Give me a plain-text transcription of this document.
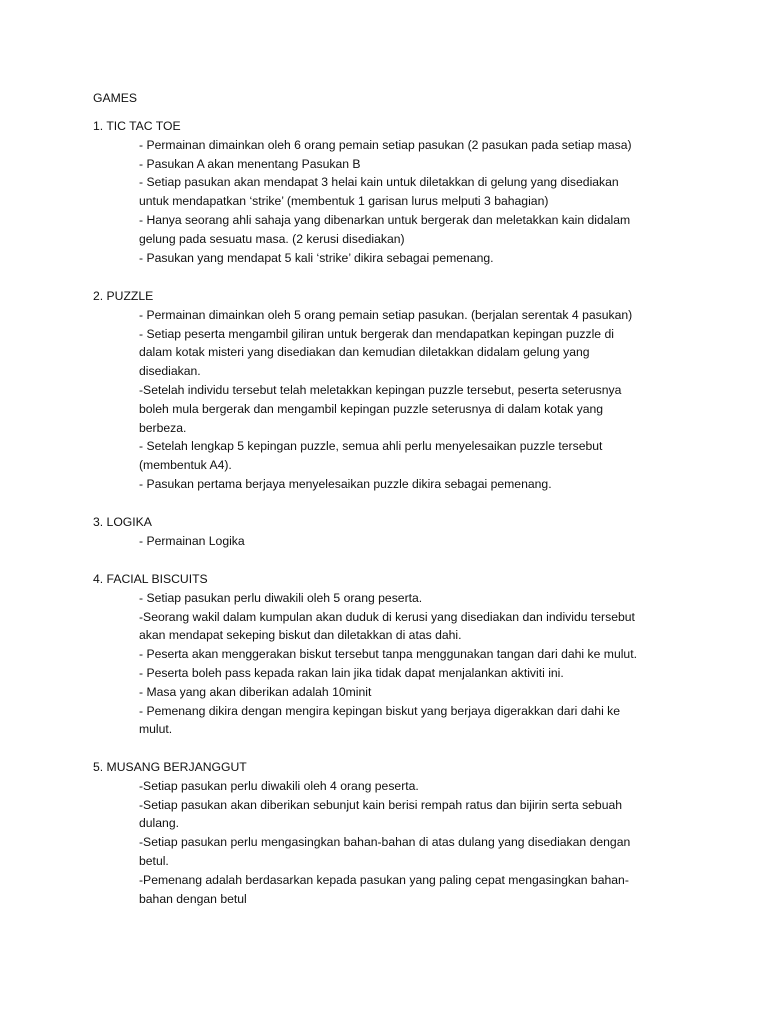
GAMES
1. TIC TAC TOE
- Permainan dimainkan oleh 6 orang pemain setiap pasukan (2 pasukan pada setiap masa)
- Pasukan A akan menentang Pasukan B
- Setiap pasukan akan mendapat 3 helai kain untuk diletakkan di gelung yang disediakan
untuk mendapatkan ‘strike’ (membentuk 1 garisan lurus melputi 3 bahagian)
- Hanya seorang ahli sahaja yang dibenarkan untuk bergerak dan meletakkan kain didalam
gelung pada sesuatu masa. (2 kerusi disediakan)
- Pasukan yang mendapat 5 kali ‘strike’ dikira sebagai pemenang.
2. PUZZLE
- Permainan dimainkan oleh 5 orang pemain setiap pasukan. (berjalan serentak 4 pasukan)
- Setiap peserta mengambil giliran untuk bergerak dan mendapatkan kepingan puzzle di
dalam kotak misteri yang disediakan dan kemudian diletakkan didalam gelung yang
disediakan.
-Setelah individu tersebut telah meletakkan kepingan puzzle tersebut, peserta seterusnya
boleh mula bergerak dan mengambil kepingan puzzle seterusnya di dalam kotak yang
berbeza.
- Setelah lengkap 5 kepingan puzzle, semua ahli perlu menyelesaikan puzzle tersebut
(membentuk A4).
- Pasukan pertama berjaya menyelesaikan puzzle dikira sebagai pemenang.
3. LOGIKA
- Permainan Logika
4. FACIAL BISCUITS
- Setiap pasukan perlu diwakili oleh 5 orang peserta.
-Seorang wakil dalam kumpulan akan duduk di kerusi yang disediakan dan individu tersebut
akan mendapat sekeping biskut dan diletakkan di atas dahi.
- Peserta akan menggerakan biskut tersebut tanpa menggunakan tangan dari dahi ke mulut.
- Peserta boleh pass kepada rakan lain jika tidak dapat menjalankan aktiviti ini.
- Masa yang akan diberikan adalah 10minit
- Pemenang dikira dengan mengira kepingan biskut yang berjaya digerakkan dari dahi ke
mulut.
5. MUSANG BERJANGGUT
-Setiap pasukan perlu diwakili oleh 4 orang peserta.
-Setiap pasukan akan diberikan sebunjut kain berisi rempah ratus dan bijirin serta sebuah
dulang.
-Setiap pasukan perlu mengasingkan bahan-bahan di atas dulang yang disediakan dengan
betul.
-Pemenang adalah berdasarkan kepada pasukan yang paling cepat mengasingkan bahan-
bahan dengan betul
